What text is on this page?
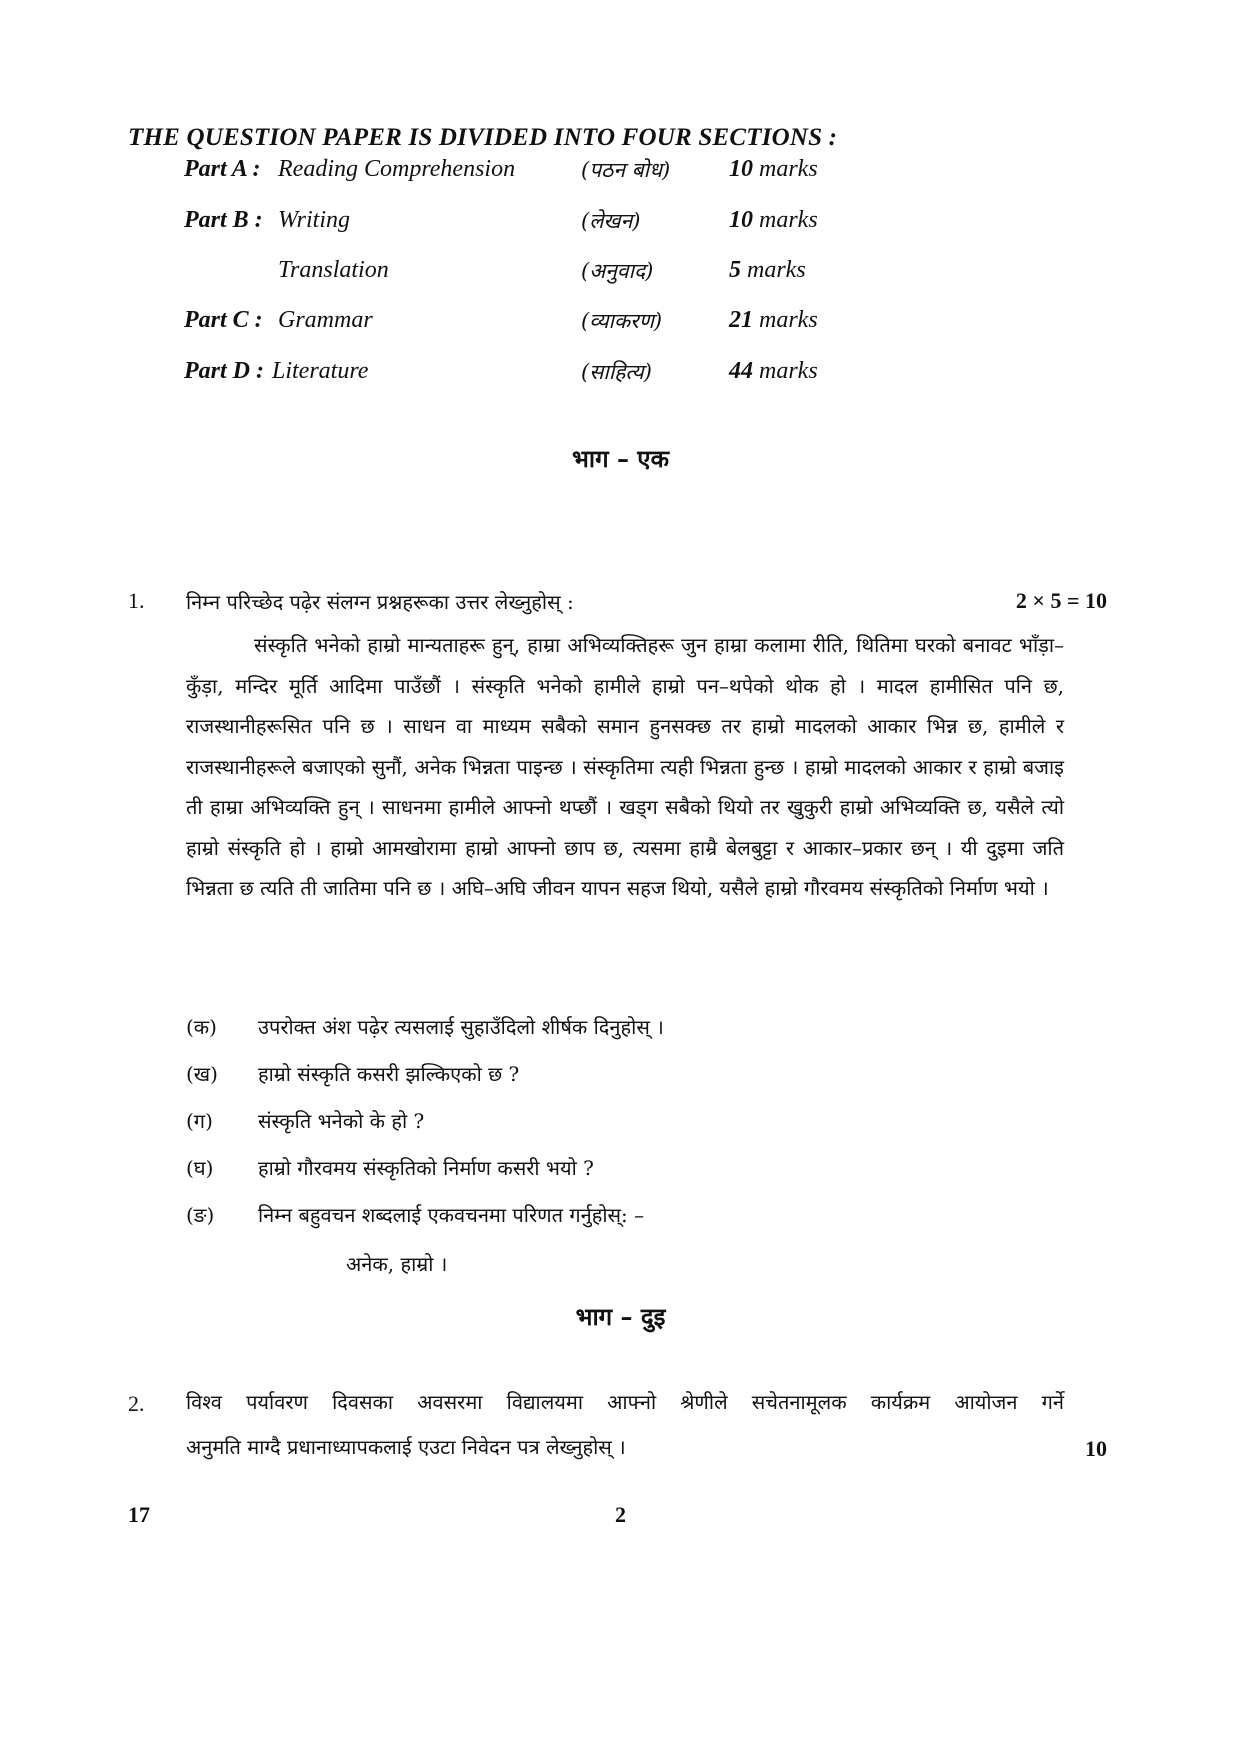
THE QUESTION PAPER IS DIVIDED INTO FOUR SECTIONS :
Part A : Reading Comprehension	(पठन बोध) 10 marks
Part B : Writing	(लेखन)	10 marks
Translation	(अनुवाद)	5 marks
Part C : Grammar	(व्याकरण)	21 marks
Part D : Literature	(साहित्य)	44 marks
भाग – एक
1. निम्न परिच्छेद पढ़ेर संलग्न प्रश्नहरूका उत्तर लेख्नुहोस् :	2 × 5 = 10

संस्कृति भनेको हाम्रो मान्यताहरू हुन्, हाम्रा अभिव्यक्तिहरू जुन हाम्रा कलामा रीति, थितिमा घरको बनावट भाँड़ा–कुँड़ा, मन्दिर मूर्ति आदिमा पाउँछौं । संस्कृति भनेको हामीले हाम्रो पन–थपेको थोक हो । मादल हामीसित पनि छ, राजस्थानीहरूसित पनि छ । साधन वा माध्यम सबैको समान हुनसक्छ तर हाम्रो मादलको आकार भिन्न छ, हामीले र राजस्थानीहरूले बजाएको सुनौं, अनेक भिन्नता पाइन्छ । संस्कृतिमा त्यही भिन्नता हुन्छ । हाम्रो मादलको आकार र हाम्रो बजाइ ती हाम्रा अभिव्यक्ति हुन् । साधनमा हामीले आफ्नो थप्छौं । खड्ग सबैको थियो तर खुकुरी हाम्रो अभिव्यक्ति छ, यसैले त्यो हाम्रो संस्कृति हो । हाम्रो आमखोरामा हाम्रो आफ्नो छाप छ, त्यसमा हाम्रै बेलबुट्टा र आकार–प्रकार छन् । यी दुइमा जति भिन्नता छ त्यति ती जातिमा पनि छ । अघि–अघि जीवन यापन सहज थियो, यसैले हाम्रो गौरवमय संस्कृतिको निर्माण भयो ।

(क) उपरोक्त अंश पढ़ेर त्यसलाई सुहाउँदिलो शीर्षक दिनुहोस् ।
(ख) हाम्रो संस्कृति कसरी झल्किएको छ ?
(ग) संस्कृति भनेको के हो ?
(घ) हाम्रो गौरवमय संस्कृतिको निर्माण कसरी भयो ?
(ङ) निम्न बहुवचन शब्दलाई एकवचनमा परिणत गर्नुहोस्: –
अनेक, हाम्रो ।
भाग – दुइ
2. विश्व पर्यावरण दिवसका अवसरमा विद्यालयमा आफ्नो श्रेणीले सचेतनामूलक कार्यक्रम आयोजन गर्ने
अनुमति माग्दै प्रधानाध्यापकलाई एउटा निवेदन पत्र लेख्नुहोस् ।	10
17	2
